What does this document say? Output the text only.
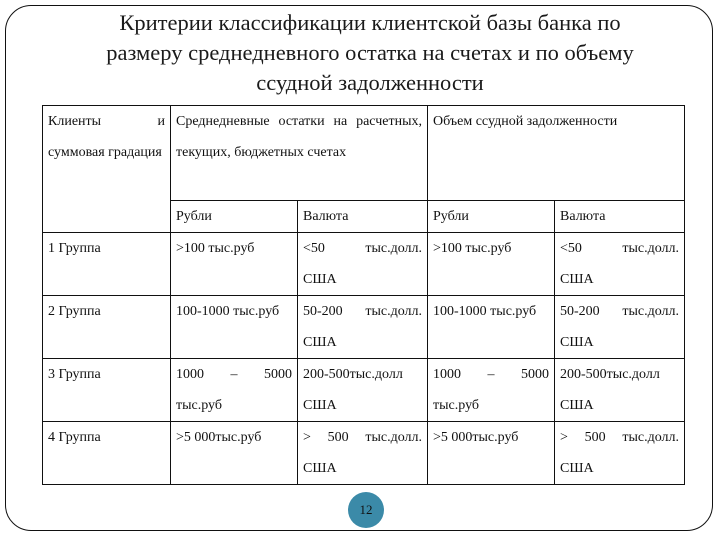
Критерии классификации клиентской базы банка по
размеру среднедневного остатка на счетах и по объему
ссудной задолженности
Клиенты и суммовая градация	Среднедневные остатки на расчетных, текущих, бюджетных счетах		Объем ссудной задолженности	
	Рубли	Валюта	Рубли	Валюта
1 Группа	>100 тыс.руб	<50 тыс.долл. США	>100 тыс.руб	<50 тыс.долл. США
2 Группа	100-1000 тыс.руб	50-200 тыс.долл. США	100-1000 тыс.руб	50-200 тыс.долл. США
3 Группа	1000 – 5000 тыс.руб	200-500тыс.долл США	1000 – 5000 тыс.руб	200-500тыс.долл США
4 Группа	>5 000тыс.руб	> 500 тыс.долл. США	>5 000тыс.руб	> 500 тыс.долл. США
12
